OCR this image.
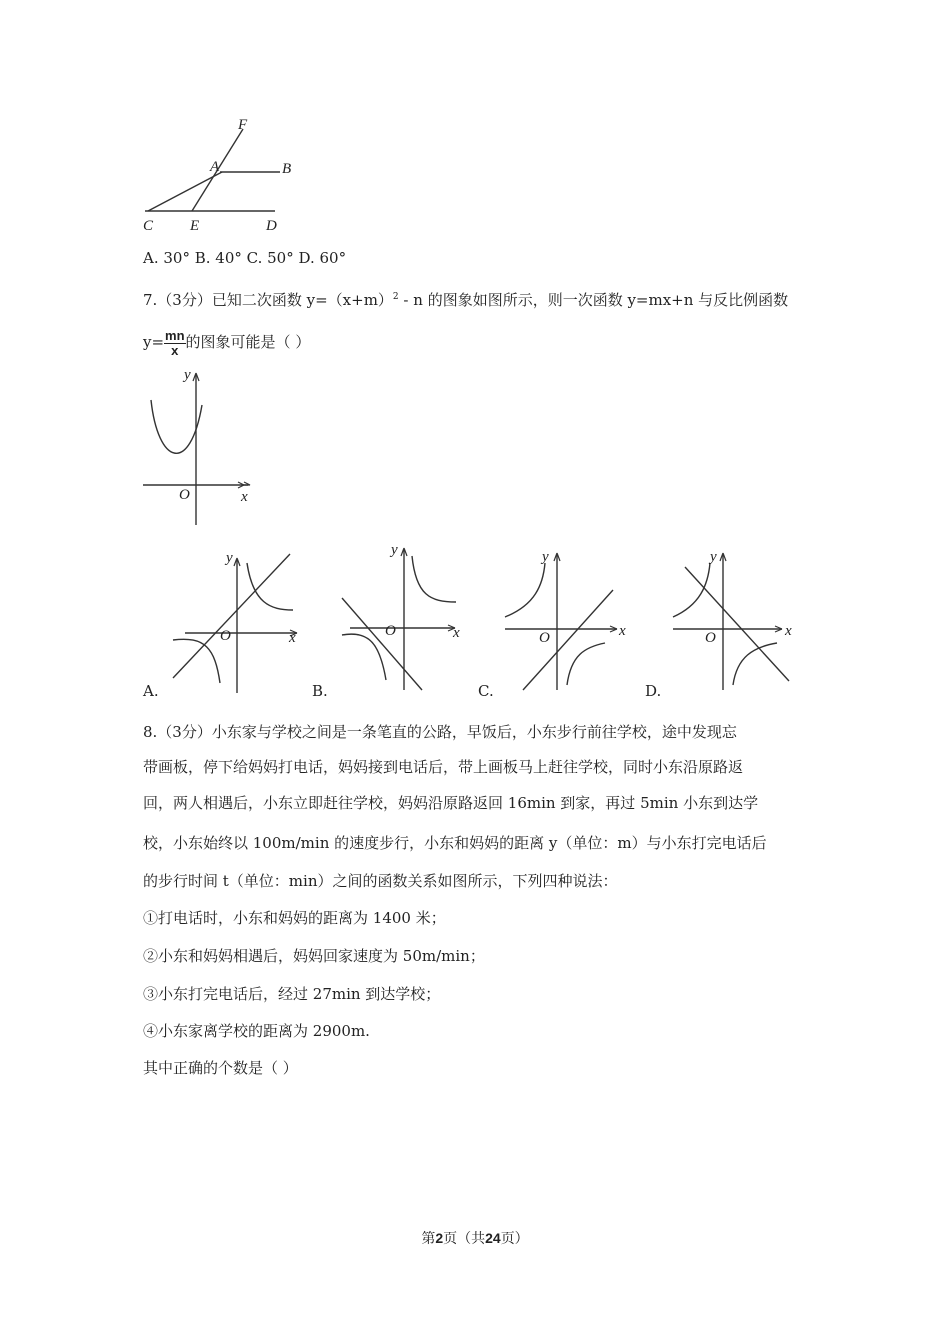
F
A	B
C E	D
A. 30° B. 40° C. 50° D. 60°
7.（3分）已知二次函数 $y=(x+m)^2 - n$ 的图象如图所示，则一次函数 y=mx+n 与反比例函数
$y= \frac{mn}{x}$ 的图象可能是（ ）
y
x
O
y
x
O
A.
y
x
O
B.
y
x
O
C.
y
x
O
D.
8.（3分）小东家与学校之间是一条笔直的公路，早饭后，小东步行前往学校，途中发现忘
带画板，停下给妈妈打电话，妈妈接到电话后，带上画板马上赶往学校，同时小东沿原路返
回，两人相遇后，小东立即赶往学校，妈妈沿原路返回 16min 到家，再过 5min 小东到达学
校，小东始终以 100m/min 的速度步行，小东和妈妈的距离 y（单位：m）与小东打完电话后
的步行时间 t（单位：min）之间的函数关系如图所示，下列四种说法：
①打电话时，小东和妈妈的距离为 1400 米；
②小东和妈妈相遇后，妈妈回家速度为 50m/min；
③小东打完电话后，经过 27min 到达学校；
④小东家离学校的距离为 2900m.
其中正确的个数是（ ）
第2页（共24页）
